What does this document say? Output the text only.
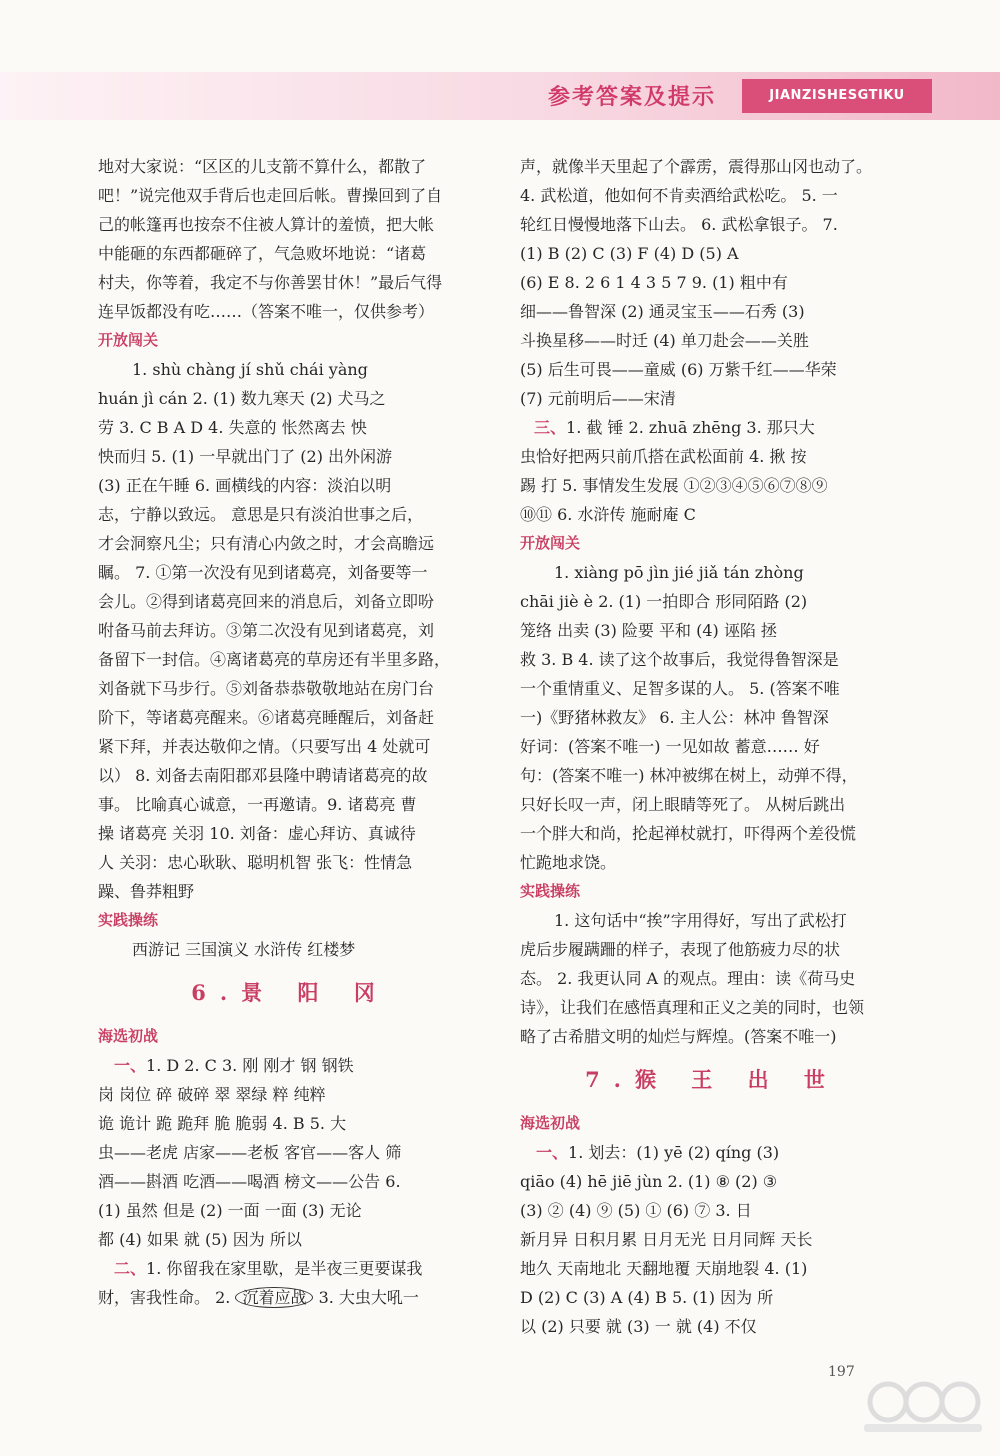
参考答案及提示	JIANZISHESGTIKU
地对大家说：“区区的儿支箭不算什么，都散了
吧！”说完他双手背后也走回后帐。曹操回到了自
己的帐篷再也按奈不住被人算计的羞愤，把大帐
中能砸的东西都砸碎了，气急败坏地说：“诸葛
村夫，你等着，我定不与你善罢甘休！”最后气得
连早饭都没有吃……（答案不唯一，仅供参考）
开放闯关
1. shù chàng jí shǔ chái yàng
huán jì cán 2. (1) 数九寒天 (2) 犬马之
劳 3. C B A D 4. 失意的 怅然离去 怏
怏而归 5. (1) 一早就出门了 (2) 出外闲游
(3) 正在午睡 6. 画横线的内容：淡泊以明
志，宁静以致远。 意思是只有淡泊世事之后，
才会洞察凡尘；只有清心内敛之时，才会高瞻远
瞩。 7. ①第一次没有见到诸葛亮，刘备要等一
会儿。②得到诸葛亮回来的消息后，刘备立即吩
咐备马前去拜访。③第二次没有见到诸葛亮，刘
备留下一封信。④离诸葛亮的草房还有半里多路，
刘备就下马步行。⑤刘备恭恭敬敬地站在房门台
阶下，等诸葛亮醒来。⑥诸葛亮睡醒后，刘备赶
紧下拜，并表达敬仰之情。（只要写出 4 处就可
以） 8. 刘备去南阳郡邓县隆中聘请诸葛亮的故
事。 比喻真心诚意，一再邀请。9. 诸葛亮 曹
操 诸葛亮 关羽 10. 刘备：虚心拜访、真诚待
人 关羽：忠心耿耿、聪明机智 张飞：性情急
躁、鲁莽粗野
实践操练
西游记 三国演义 水浒传 红楼梦
6.景 阳 冈
海选初战
一、1. D 2. C 3. 刚 刚才 钢 钢铁
岗 岗位 碎 破碎 翠 翠绿 粹 纯粹
诡 诡计 跪 跪拜 脆 脆弱 4. B 5. 大
虫——老虎 店家——老板 客官——客人 筛
酒——斟酒 吃酒——喝酒 榜文——公告 6.
(1) 虽然 但是 (2) 一面 一面 (3) 无论
都 (4) 如果 就 (5) 因为 所以
二、1. 你留我在家里歇，是半夜三更要谋我
财，害我性命。 2. 沉着应战 3. 大虫大吼一
声，就像半天里起了个霹雳，震得那山冈也动了。
4. 武松道，他如何不肯卖酒给武松吃。 5. 一
轮红日慢慢地落下山去。 6. 武松拿银子。 7.
(1) B (2) C (3) F (4) D (5) A
(6) E 8. 2 6 1 4 3 5 7 9. (1) 粗中有
细——鲁智深 (2) 通灵宝玉——石秀 (3)
斗换星移——时迁 (4) 单刀赴会——关胜
(5) 后生可畏——童威 (6) 万紫千红——华荣
(7) 元前明后——宋清
三、1. 截 锤 2. zhuā zhēng 3. 那只大
虫恰好把两只前爪搭在武松面前 4. 揪 按
踢 打 5. 事情发生发展 ①②③④⑤⑥⑦⑧⑨
⑩⑪ 6. 水浒传 施耐庵 C
开放闯关
1. xiàng pō jìn jié jiǎ tán zhòng
chāi jiè è 2. (1) 一拍即合 形同陌路 (2)
笼络 出卖 (3) 险要 平和 (4) 诬陷 拯
救 3. B 4. 读了这个故事后，我觉得鲁智深是
一个重情重义、足智多谋的人。 5. (答案不唯
一)《野猪林救友》 6. 主人公：林冲 鲁智深
好词：(答案不唯一) 一见如故 蓄意…… 好
句：(答案不唯一) 林冲被绑在树上，动弹不得，
只好长叹一声，闭上眼睛等死了。 从树后跳出
一个胖大和尚，抡起禅杖就打，吓得两个差役慌
忙跪地求饶。
实践操练
1. 这句话中“挨”字用得好，写出了武松打
虎后步履蹒跚的样子，表现了他筋疲力尽的状
态。 2. 我更认同 A 的观点。理由：读《荷马史
诗》，让我们在感悟真理和正义之美的同时，也领
略了古希腊文明的灿烂与辉煌。(答案不唯一)
7.猴 王 出 世
海选初战
一、1. 划去：(1) yē (2) qíng (3)
qiāo (4) hē jiē jùn 2. (1) ⑧ (2) ③
(3) ② (4) ⑨ (5) ① (6) ⑦ 3. 日
新月异 日积月累 日月无光 日月同辉 天长
地久 天南地北 天翻地覆 天崩地裂 4. (1)
D (2) C (3) A (4) B 5. (1) 因为 所
以 (2) 只要 就 (3) 一 就 (4) 不仅
197
